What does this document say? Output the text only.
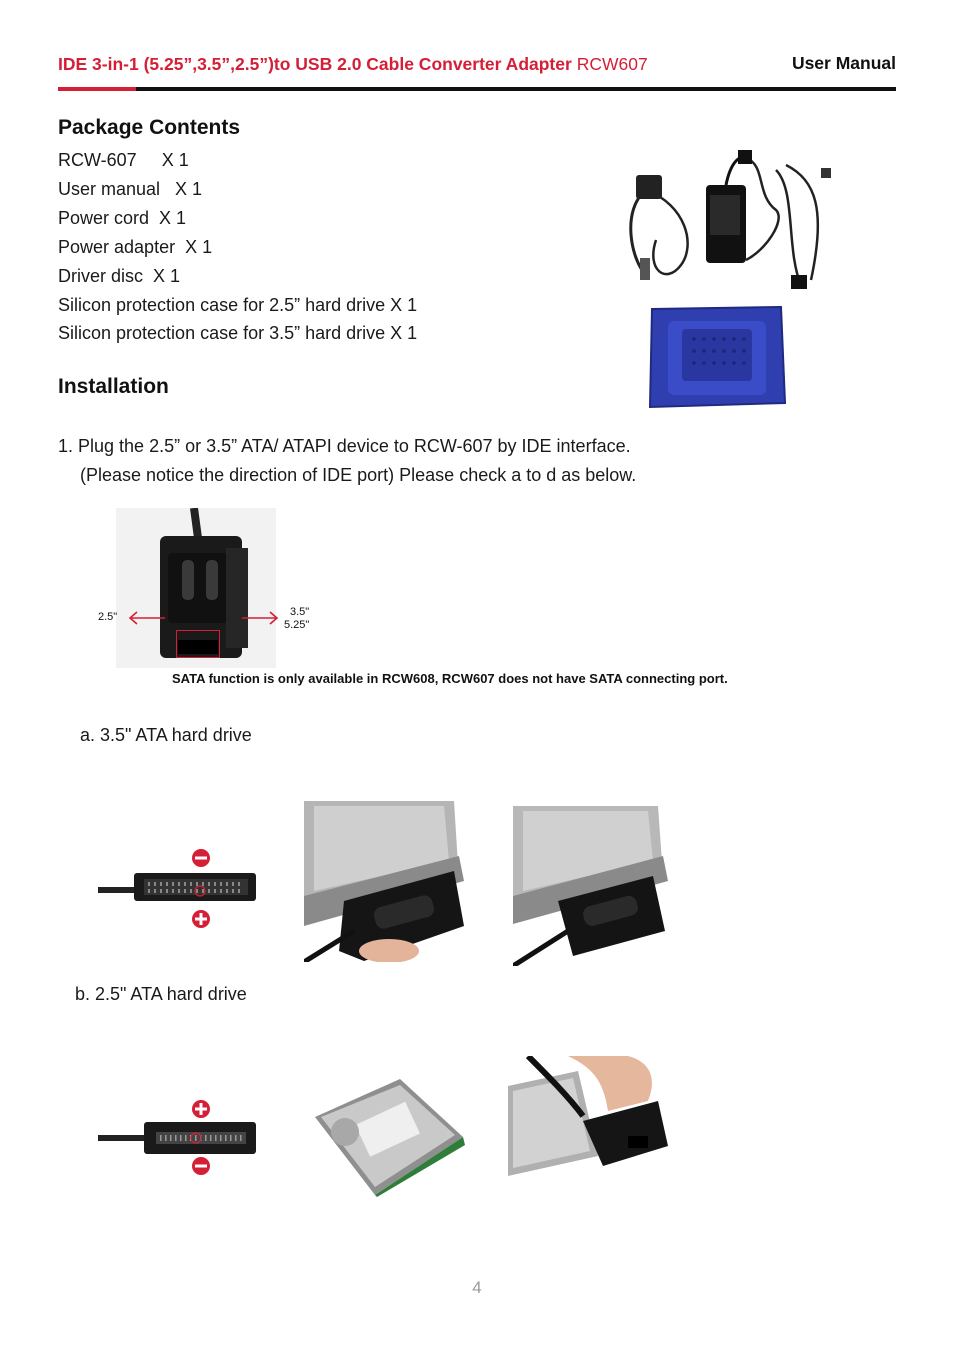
IDE 3-in-1 (5.25”,3.5”,2.5”)to USB 2.0 Cable Converter Adapter RCW607	User Manual
Package Contents
RCW-607     X 1
User manual   X 1
Power cord  X 1
Power adapter  X 1
Driver disc  X 1
Silicon protection case for 2.5” hard drive X 1
Silicon protection case for 3.5” hard drive X 1
Installation
1. Plug the 2.5” or 3.5” ATA/ ATAPI device to RCW-607 by IDE interface.
(Please notice the direction of IDE port) Please check a to d as below.
2.5"	3.5"
5.25"
SATA function is only available in RCW608, RCW607 does not have SATA connecting port.
a. 3.5" ATA hard drive
b. 2.5" ATA hard drive
4
